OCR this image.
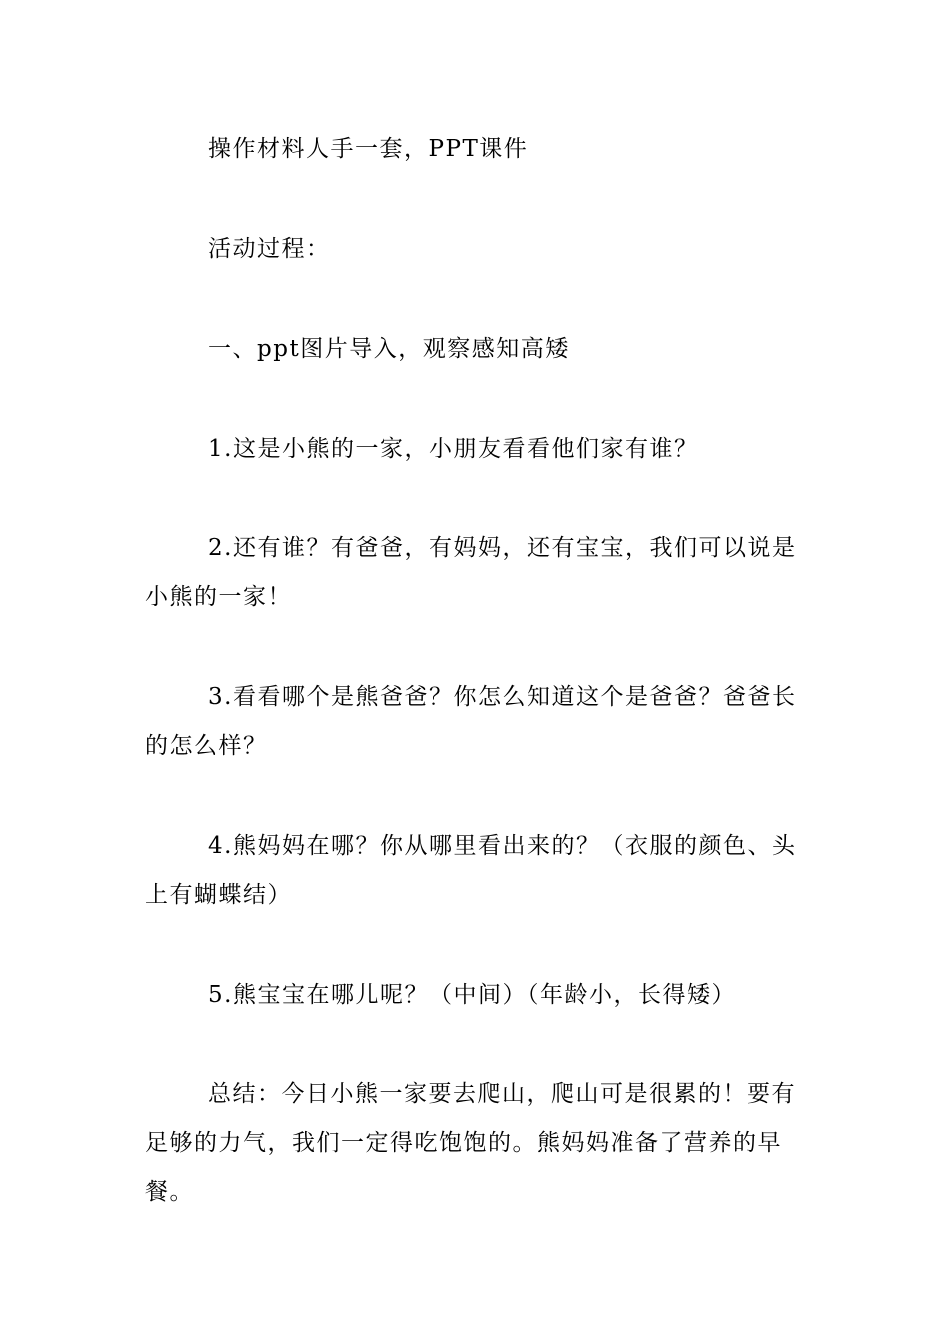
操作材料人手一套，PPT课件

活动过程：

一、ppt图片导入，观察感知高矮

1.这是小熊的一家，小朋友看看他们家有谁？

2.还有谁？有爸爸，有妈妈，还有宝宝，我们可以说是小熊的一家！

3.看看哪个是熊爸爸？你怎么知道这个是爸爸？爸爸长的怎么样？

4.熊妈妈在哪？你从哪里看出来的？（衣服的颜色、头上有蝴蝶结）

5.熊宝宝在哪儿呢？（中间）（年龄小，长得矮）

总结：今日小熊一家要去爬山，爬山可是很累的！要有足够的力气，我们一定得吃饱饱的。熊妈妈准备了营养的早餐。
